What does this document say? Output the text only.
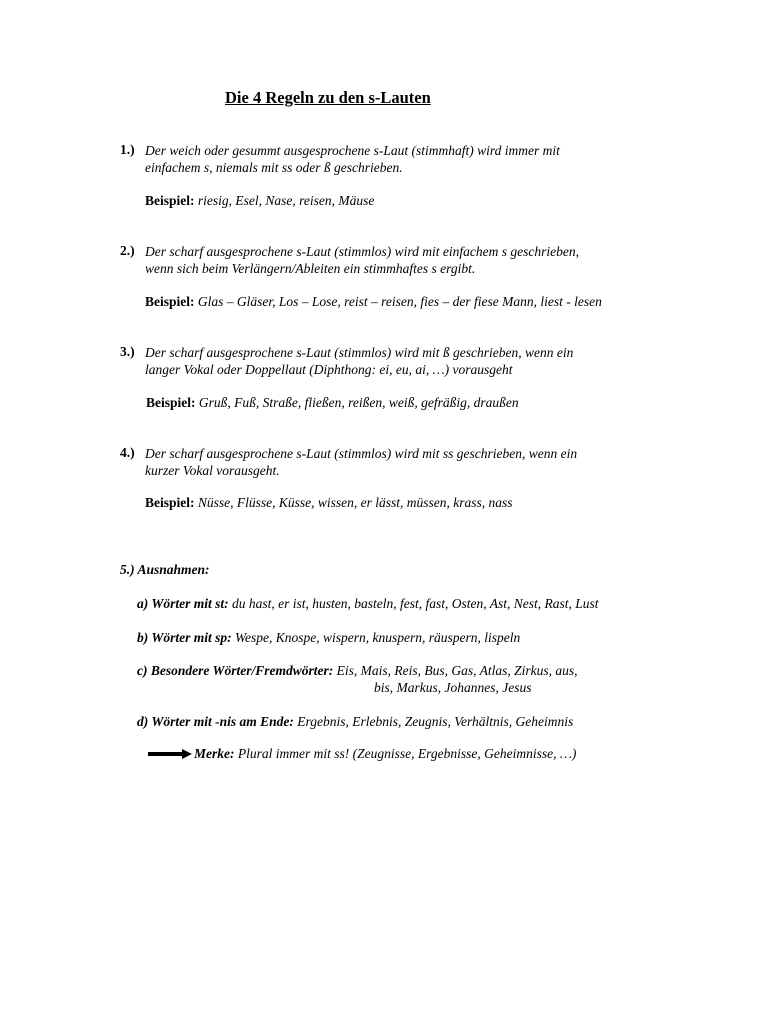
Die 4 Regeln zu den s-Lauten
1.) Der weich oder gesummt ausgesprochene s-Laut (stimmhaft) wird immer mit
einfachem s, niemals mit ss oder ß geschrieben.
Beispiel: riesig, Esel, Nase, reisen, Mäuse
2.) Der scharf ausgesprochene s-Laut (stimmlos) wird mit einfachem s geschrieben,
wenn sich beim Verlängern/Ableiten ein stimmhaftes s ergibt.
Beispiel: Glas – Gläser, Los – Lose, reist – reisen, fies – der fiese Mann, liest - lesen
3.) Der scharf ausgesprochene s-Laut (stimmlos) wird mit ß geschrieben, wenn ein
langer Vokal oder Doppellaut (Diphthong: ei, eu, ai, …) vorausgeht
Beispiel: Gruß, Fuß, Straße, fließen, reißen, weiß, gefräßig, draußen
4.) Der scharf ausgesprochene s-Laut (stimmlos) wird mit ss geschrieben, wenn ein
kurzer Vokal vorausgeht.
Beispiel: Nüsse, Flüsse, Küsse, wissen, er lässt, müssen, krass, nass
5.) Ausnahmen:
a) Wörter mit st: du hast, er ist, husten, basteln, fest, fast, Osten, Ast, Nest, Rast, Lust
b) Wörter mit sp: Wespe, Knospe, wispern, knuspern, räuspern, lispeln
c) Besondere Wörter/Fremdwörter: Eis, Mais, Reis, Bus, Gas, Atlas, Zirkus, aus,
bis, Markus, Johannes, Jesus
d) Wörter mit -nis am Ende: Ergebnis, Erlebnis, Zeugnis, Verhältnis, Geheimnis
Merke:
Plural immer mit ss! (Zeugnisse, Ergebnisse, Geheimnisse, …)
